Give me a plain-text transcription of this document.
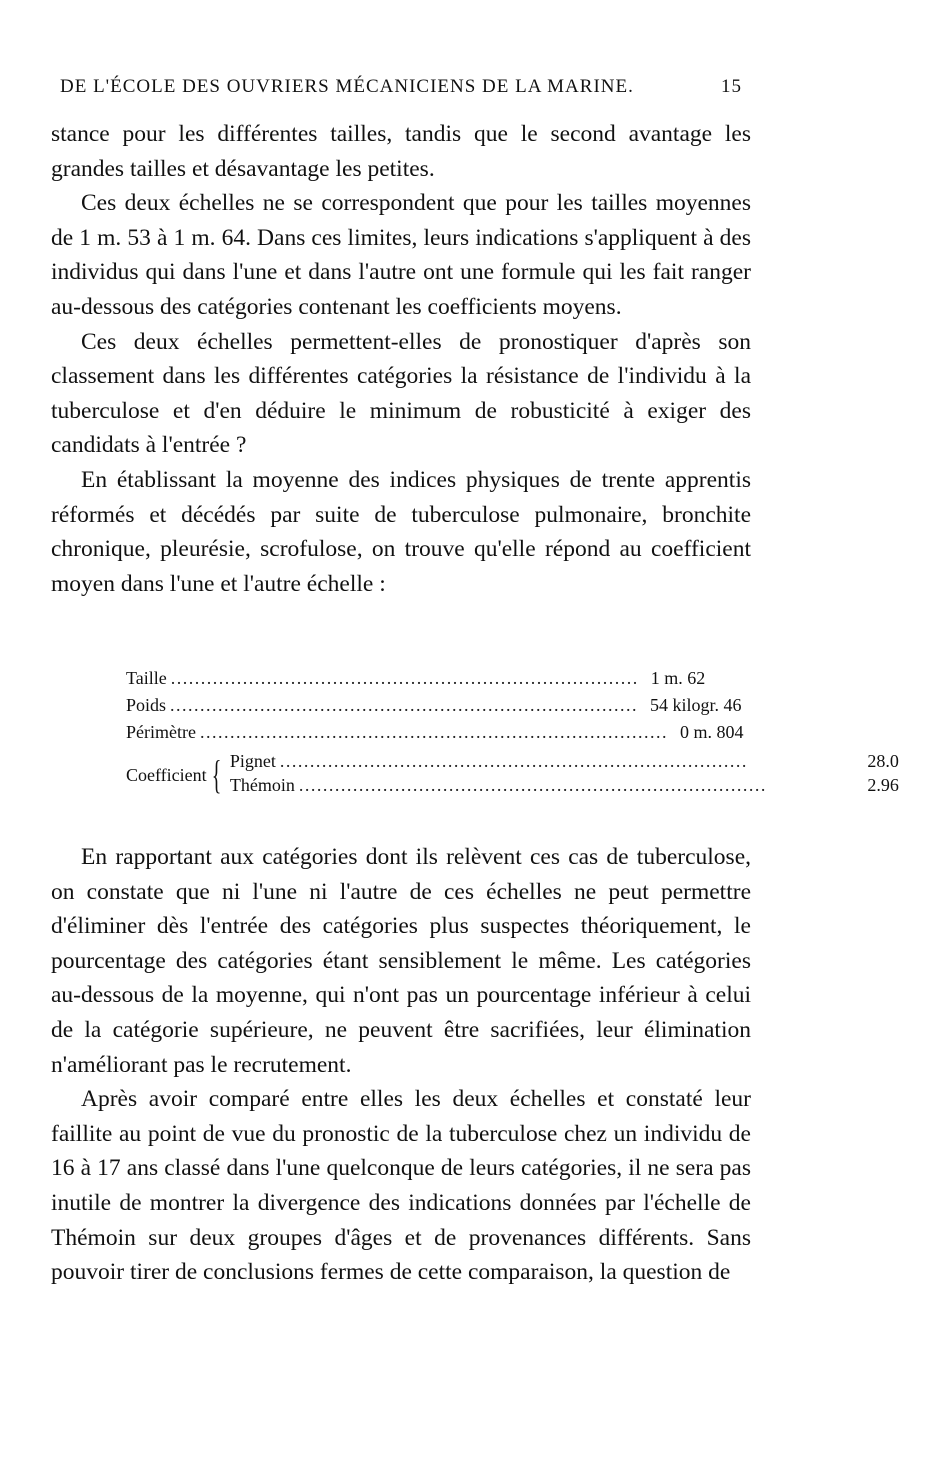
DE L'ÉCOLE DES OUVRIERS MÉCANICIENS DE LA MARINE.	15

stance pour les différentes tailles, tandis que le second avantage les grandes tailles et désavantage les petites.

Ces deux échelles ne se correspondent que pour les tailles moyennes de 1 m. 53 à 1 m. 64. Dans ces limites, leurs indications s'appliquent à des individus qui dans l'une et dans l'autre ont une formule qui les fait ranger au-dessous des catégories contenant les coefficients moyens.

Ces deux échelles permettent-elles de pronostiquer d'après son classement dans les différentes catégories la résistance de l'individu à la tuberculose et d'en déduire le minimum de robusticité à exiger des candidats à l'entrée ?

En établissant la moyenne des indices physiques de trente apprentis réformés et décédés par suite de tuberculose pulmonaire, bronchite chronique, pleurésie, scrofulose, on trouve qu'elle répond au coefficient moyen dans l'une et l'autre échelle :

Taille .............................................................................. 1 m. 62
Poids .............................................................................. 54 kilogr. 46
Périmètre .............................................................................. 0 m. 804
Coefficient { Pignet ..............................................................................	28.0
Thémoin ..............................................................................	2.96

En rapportant aux catégories dont ils relèvent ces cas de tuberculose, on constate que ni l'une ni l'autre de ces échelles ne peut permettre d'éliminer dès l'entrée des catégories plus suspectes théoriquement, le pourcentage des catégories étant sensiblement le même. Les catégories au-dessous de la moyenne, qui n'ont pas un pourcentage inférieur à celui de la catégorie supérieure, ne peuvent être sacrifiées, leur élimination n'améliorant pas le recrutement.

Après avoir comparé entre elles les deux échelles et constaté leur faillite au point de vue du pronostic de la tuberculose chez un individu de 16 à 17 ans classé dans l'une quelconque de leurs catégories, il ne sera pas inutile de montrer la divergence des indications données par l'échelle de Thémoin sur deux groupes d'âges et de provenances différents. Sans pouvoir tirer de conclusions fermes de cette comparaison, la question de
